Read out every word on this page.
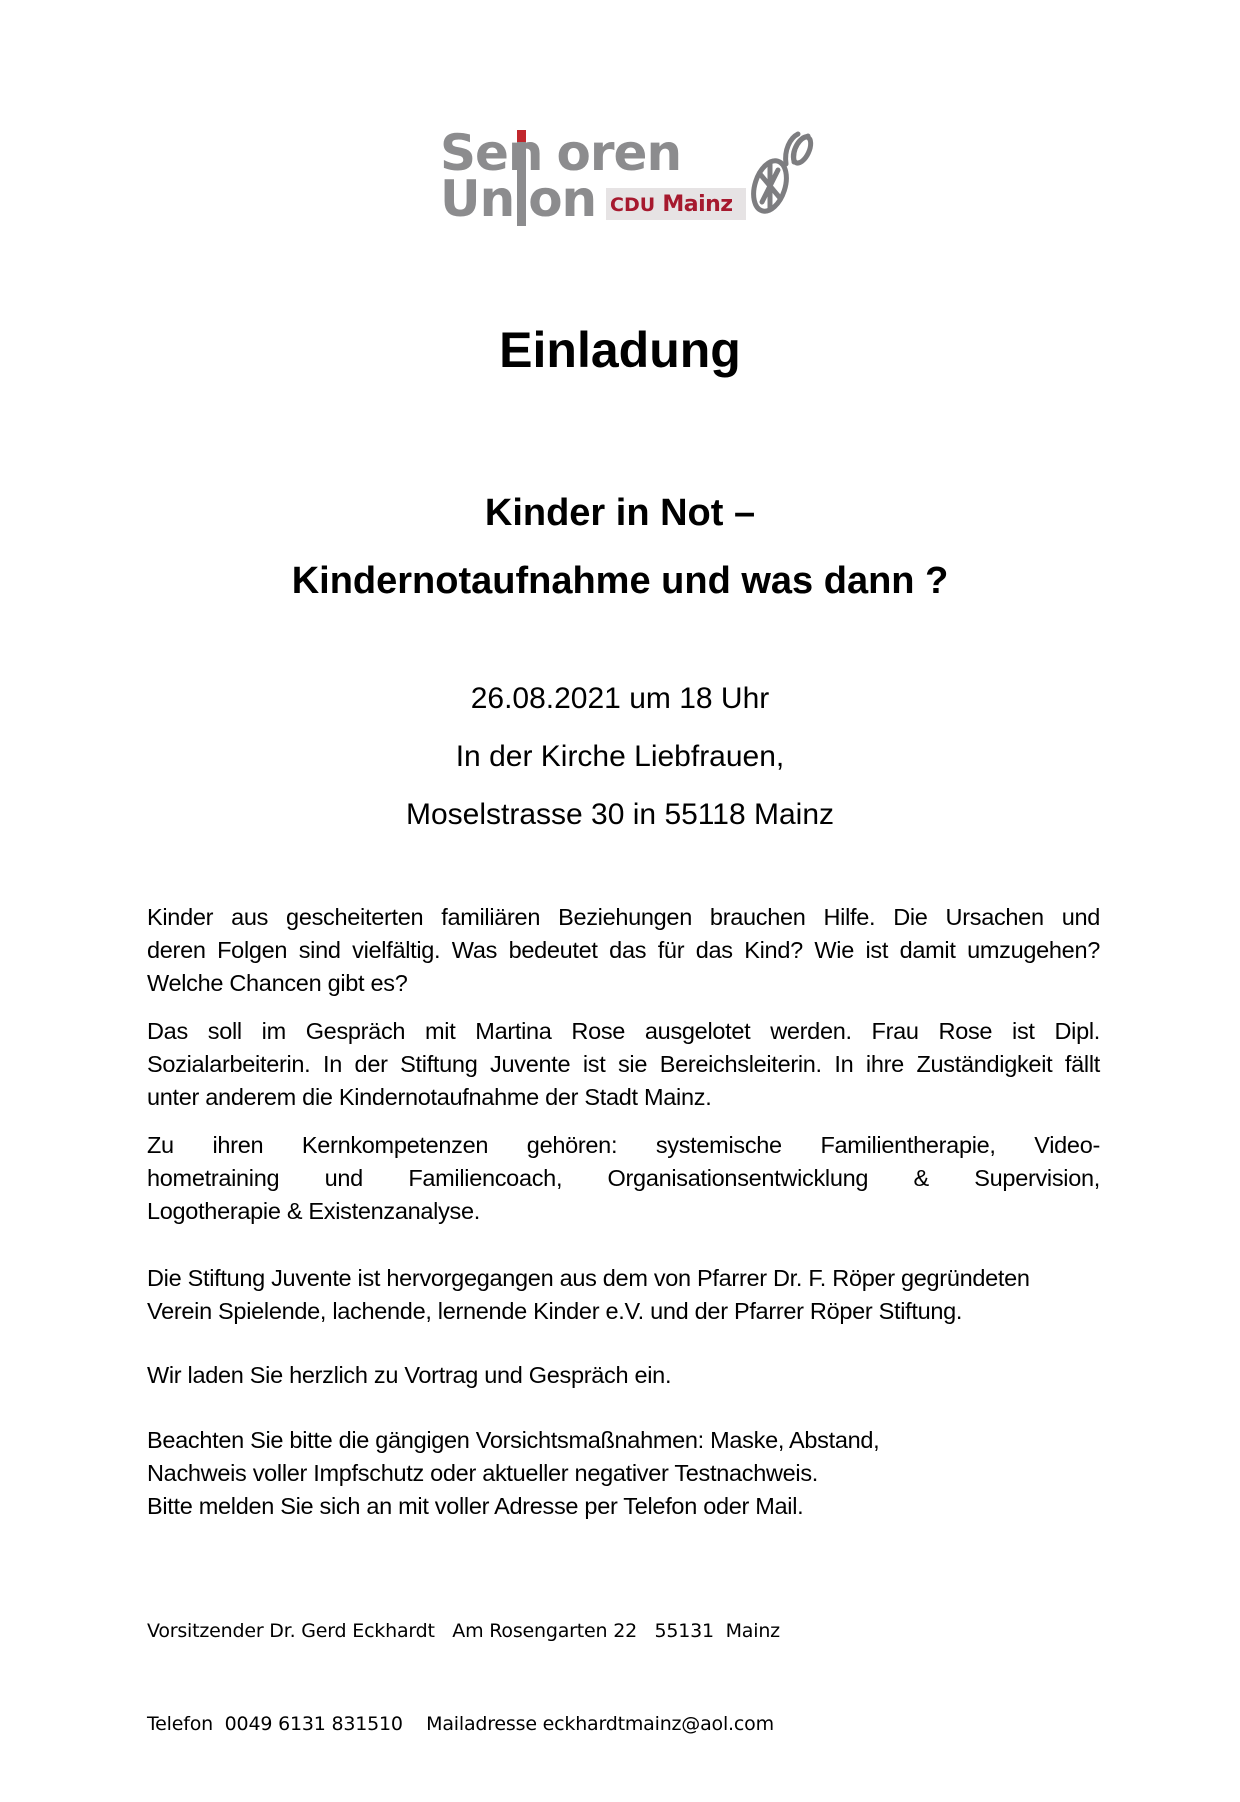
Sen oren
Un on CDU Mainz
Einladung
Kinder in Not –
Kindernotaufnahme und was dann ?
26.08.2021 um 18 Uhr
In der Kirche Liebfrauen,
Moselstrasse 30 in 55118 Mainz
Kinder aus gescheiterten familiären Beziehungen brauchen Hilfe. Die Ursachen und
deren Folgen sind vielfältig. Was bedeutet das für das Kind? Wie ist damit umzugehen?
Welche Chancen gibt es?
Das soll im Gespräch mit Martina Rose ausgelotet werden. Frau Rose ist Dipl.
Sozialarbeiterin. In der Stiftung Juvente ist sie Bereichsleiterin. In ihre Zuständigkeit fällt
unter anderem die Kindernotaufnahme der Stadt Mainz.
Zu ihren Kernkompetenzen gehören: systemische Familientherapie, Video-
hometraining und Familiencoach, Organisationsentwicklung & Supervision,
Logotherapie & Existenzanalyse.
Die Stiftung Juvente ist hervorgegangen aus dem von Pfarrer Dr. F. Röper gegründeten
Verein Spielende, lachende, lernende Kinder e.V. und der Pfarrer Röper Stiftung.
Wir laden Sie herzlich zu Vortrag und Gespräch ein.
Beachten Sie bitte die gängigen Vorsichtsmaßnahmen: Maske, Abstand,
Nachweis voller Impfschutz oder aktueller negativer Testnachweis.
Bitte melden Sie sich an mit voller Adresse per Telefon oder Mail.

Vorsitzender Dr. Gerd Eckhardt   Am Rosengarten 22   55131  Mainz

Telefon  0049 6131 831510    Mailadresse eckhardtmainz@aol.com
